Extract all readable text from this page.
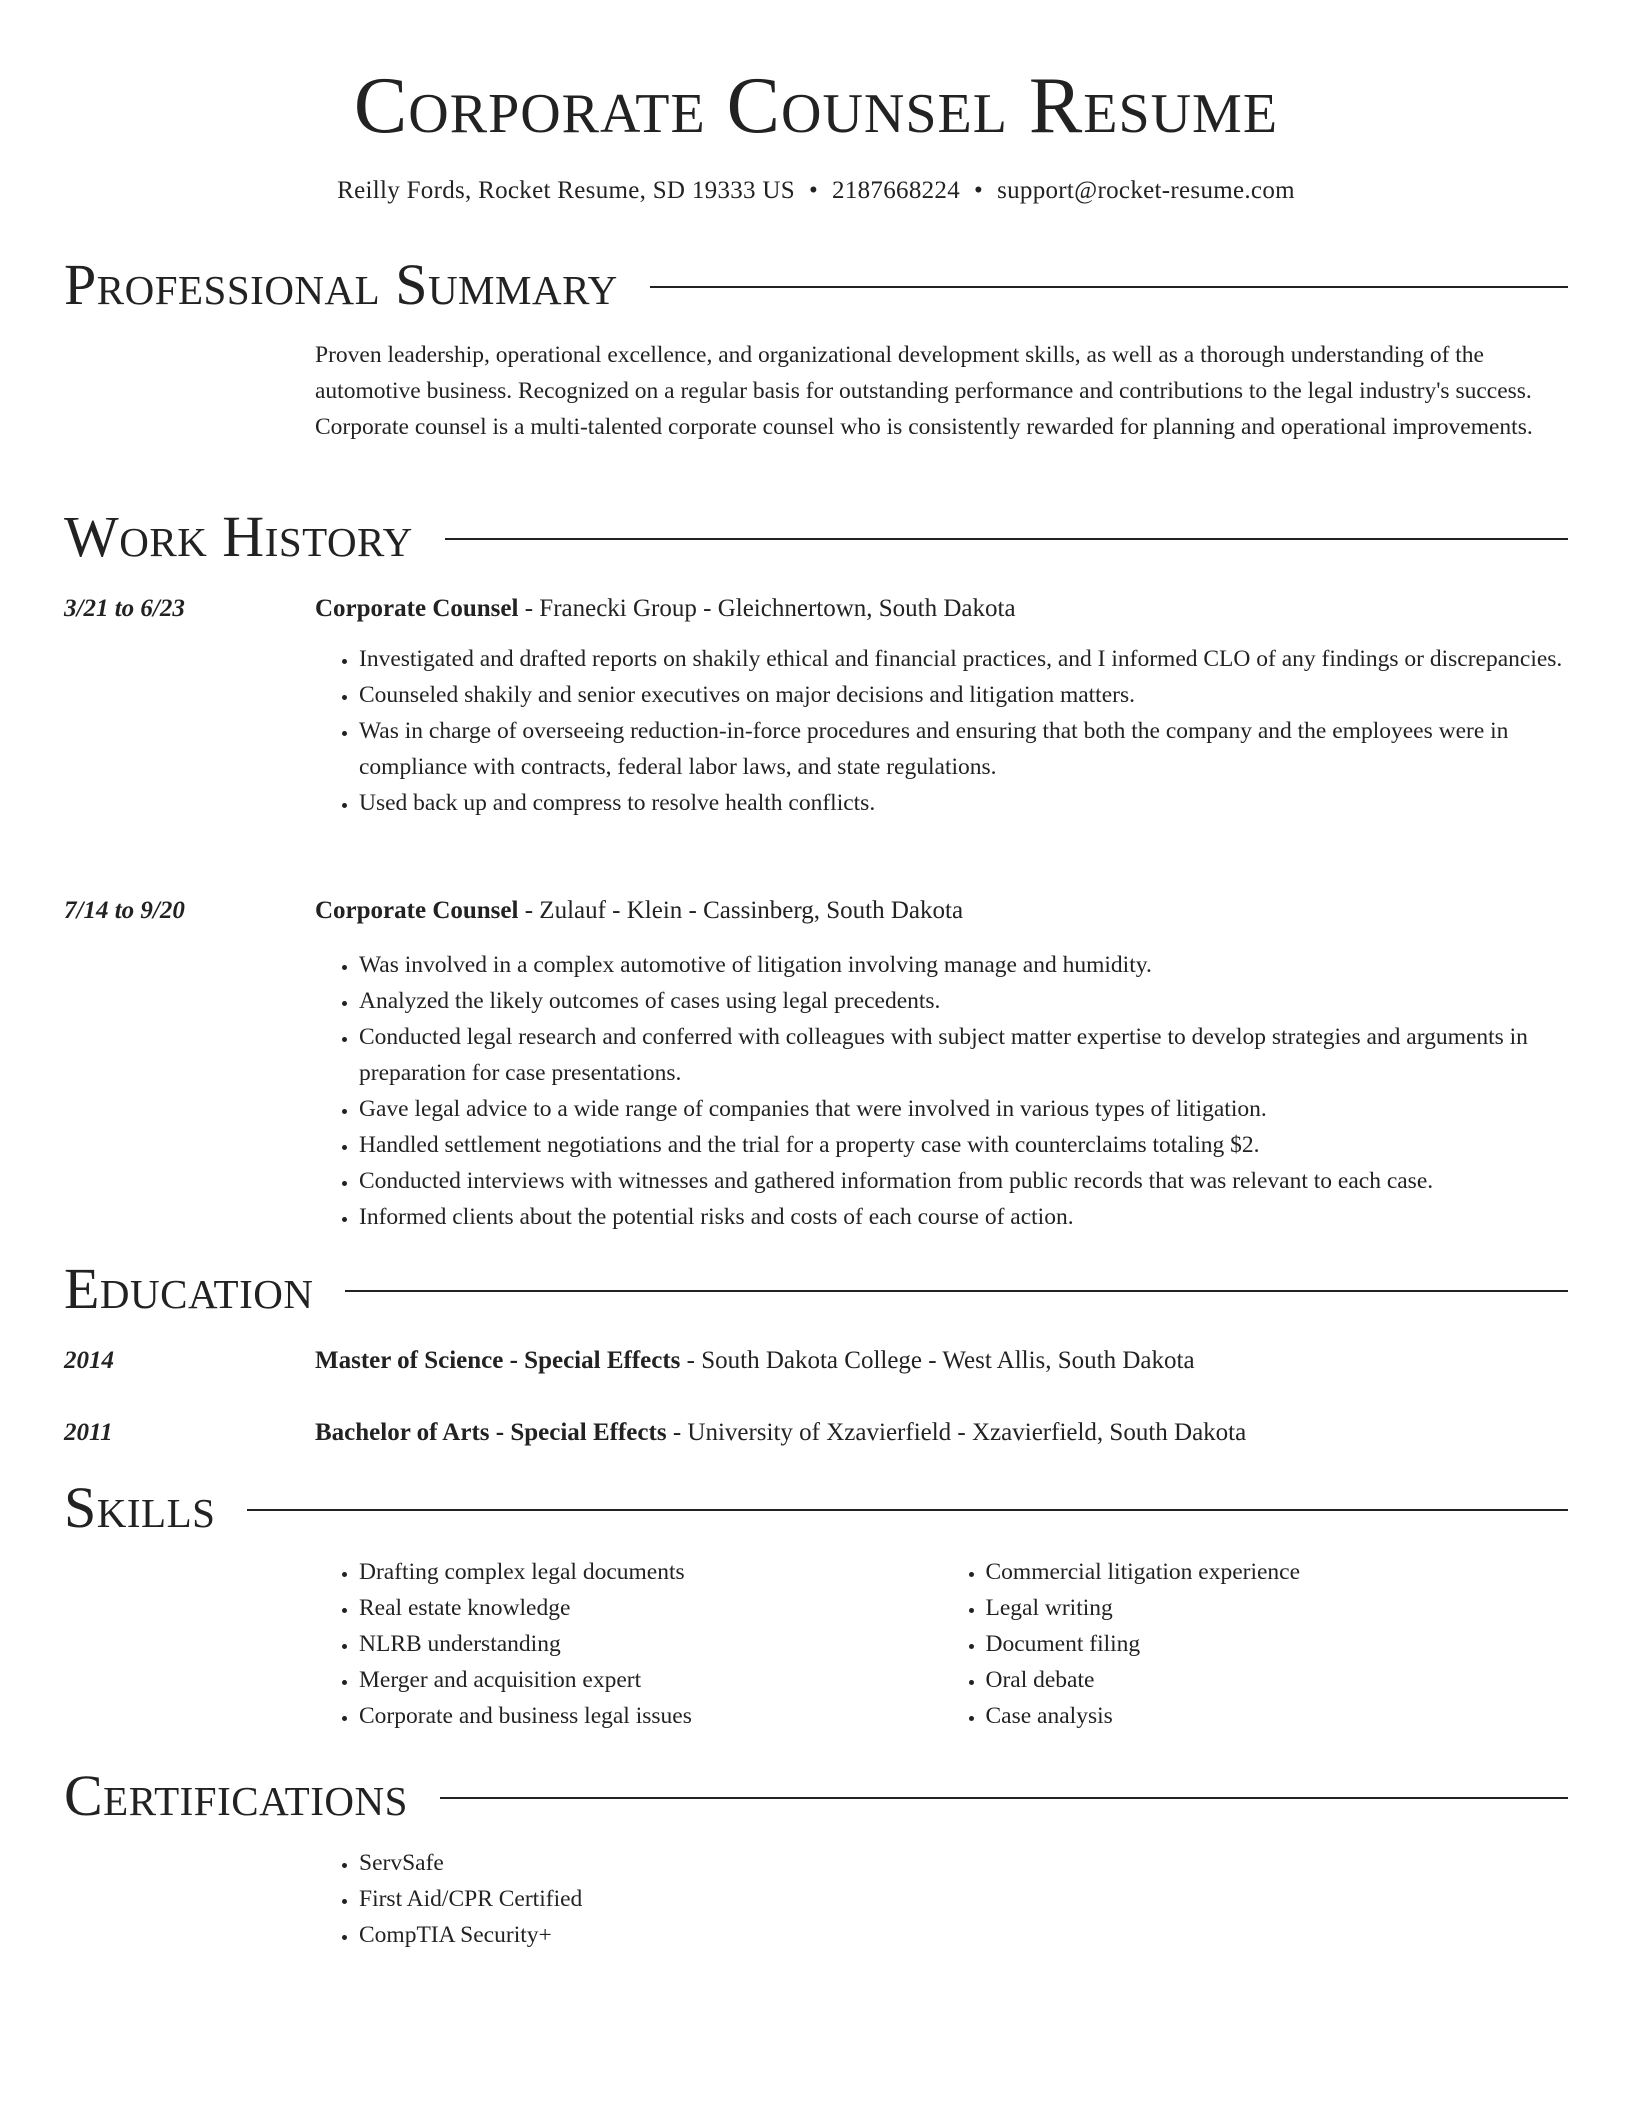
Corporate Counsel Resume
Reilly Fords, Rocket Resume, SD 19333 US • 2187668224 • support@rocket-resume.com
Professional Summary

Proven leadership, operational excellence, and organizational development skills, as well as a thorough understanding of the automotive business. Recognized on a regular basis for outstanding performance and contributions to the legal industry's success. Corporate counsel is a multi-talented corporate counsel who is consistently rewarded for planning and operational improvements.

Work History
3/21 to 6/23	Corporate Counsel - Franecki Group - Gleichnertown, South Dakota
• Investigated and drafted reports on shakily ethical and financial practices, and I informed CLO of any findings or discrepancies.
• Counseled shakily and senior executives on major decisions and litigation matters.
• Was in charge of overseeing reduction-in-force procedures and ensuring that both the company and the employees were in compliance with contracts, federal labor laws, and state regulations.
• Used back up and compress to resolve health conflicts.
7/14 to 9/20	Corporate Counsel - Zulauf - Klein - Cassinberg, South Dakota
• Was involved in a complex automotive of litigation involving manage and humidity.
• Analyzed the likely outcomes of cases using legal precedents.
• Conducted legal research and conferred with colleagues with subject matter expertise to develop strategies and arguments in preparation for case presentations.
• Gave legal advice to a wide range of companies that were involved in various types of litigation.
• Handled settlement negotiations and the trial for a property case with counterclaims totaling $2.
• Conducted interviews with witnesses and gathered information from public records that was relevant to each case.
• Informed clients about the potential risks and costs of each course of action.
Education
2014	Master of Science - Special Effects - South Dakota College - West Allis, South Dakota
2011	Bachelor of Arts - Special Effects - University of Xzavierfield - Xzavierfield, South Dakota
Skills
• Drafting complex legal documents
• Real estate knowledge
• NLRB understanding
• Merger and acquisition expert
• Corporate and business legal issues
• Commercial litigation experience
• Legal writing
• Document filing
• Oral debate
• Case analysis
Certifications
• ServSafe
• First Aid/CPR Certified
• CompTIA Security+
